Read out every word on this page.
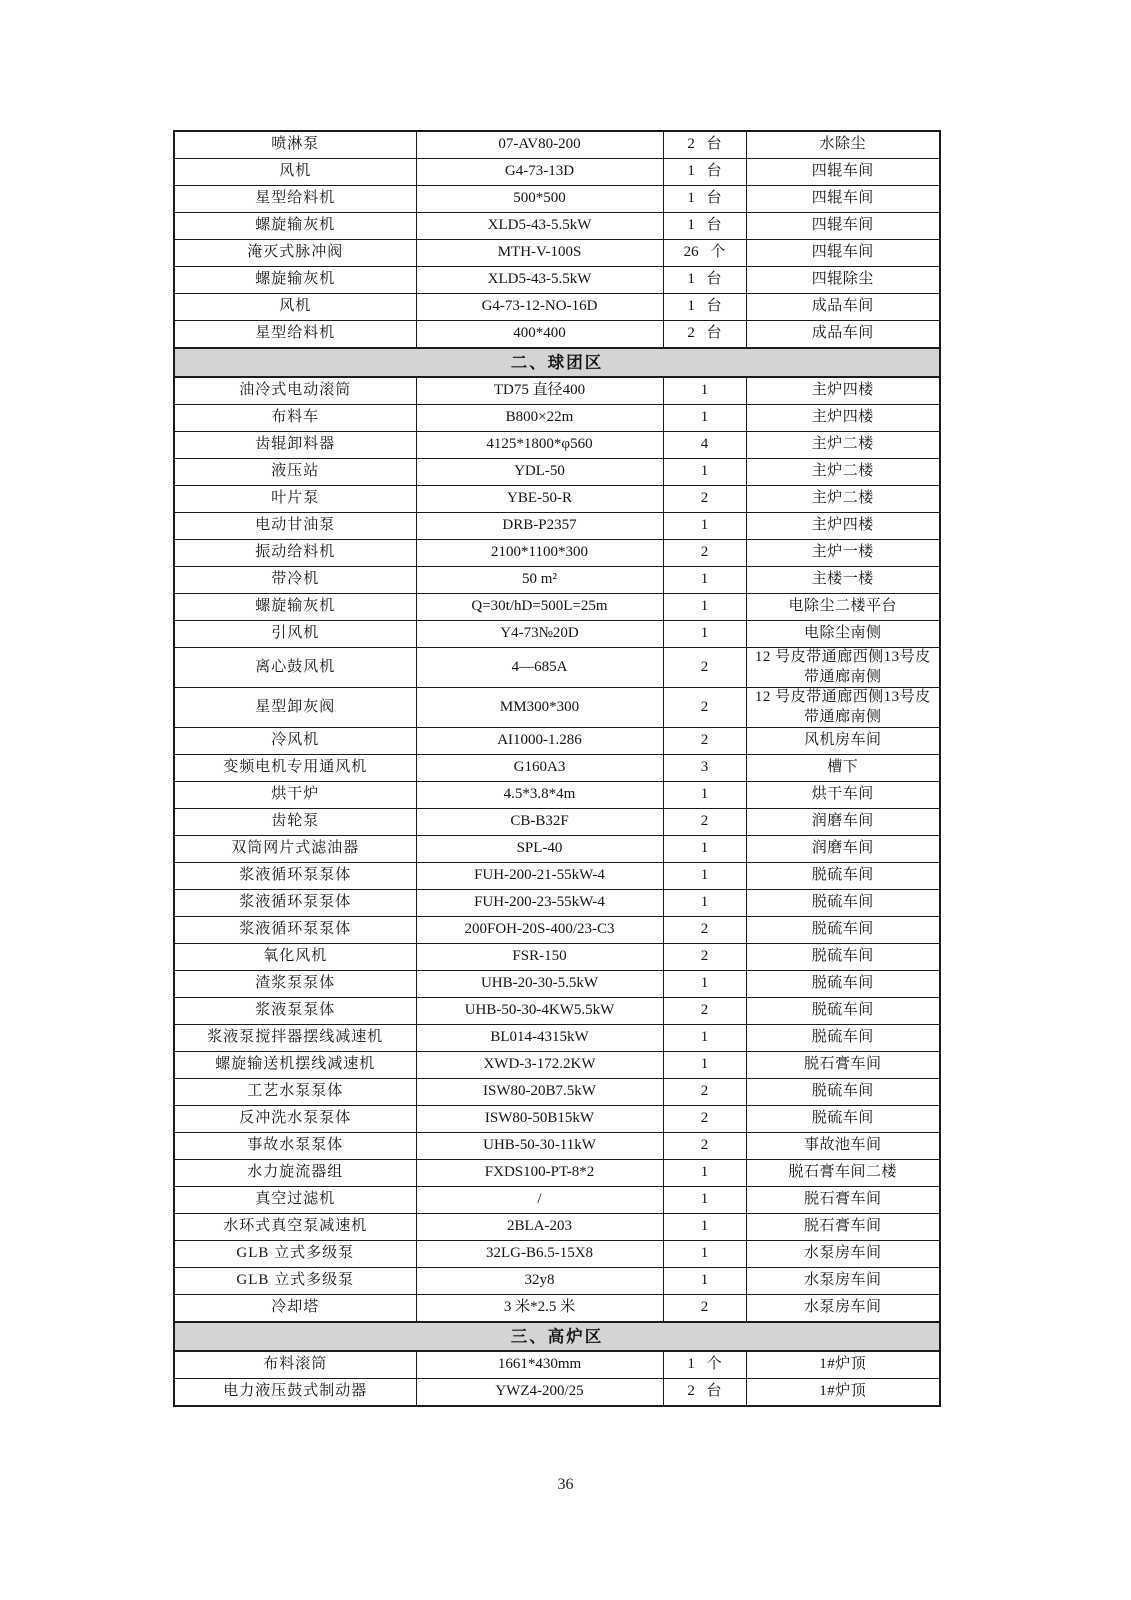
喷淋泵	07-AV80-200	2 台	水除尘
风机	G4-73-13D	1 台	四辊车间
星型给料机	500*500	1 台	四辊车间
螺旋输灰机	XLD5-43-5.5kW	1 台	四辊车间
淹灭式脉冲阀	MTH-V-100S	26 个	四辊车间
螺旋输灰机	XLD5-43-5.5kW	1 台	四辊除尘
风机	G4-73-12-NO-16D	1 台	成品车间
星型给料机	400*400	2 台	成品车间
二、球团区			
油冷式电动滚筒	TD75 直径400	1	主炉四楼
布料车	B800×22m	1	主炉四楼
齿辊卸料器	4125*1800*φ560	4	主炉二楼
液压站	YDL-50	1	主炉二楼
叶片泵	YBE-50-R	2	主炉二楼
电动甘油泵	DRB-P2357	1	主炉四楼
振动给料机	2100*1100*300	2	主炉一楼
带冷机	50 m²	1	主楼一楼
螺旋输灰机	Q=30t/hD=500L=25m	1	电除尘二楼平台
引风机	Y4-73№20D	1	电除尘南侧
离心鼓风机	4—685A	2	12 号皮带通廊西侧13号皮带通廊南侧
星型卸灰阀	MM300*300	2	12 号皮带通廊西侧13号皮带通廊南侧
冷风机	AI1000-1.286	2	风机房车间
变频电机专用通风机	G160A3	3	槽下
烘干炉	4.5*3.8*4m	1	烘干车间
齿轮泵	CB-B32F	2	润磨车间
双筒网片式滤油器	SPL-40	1	润磨车间
浆液循环泵泵体	FUH-200-21-55kW-4	1	脱硫车间
浆液循环泵泵体	FUH-200-23-55kW-4	1	脱硫车间
浆液循环泵泵体	200FOH-20S-400/23-C3	2	脱硫车间
氧化风机	FSR-150	2	脱硫车间
渣浆泵泵体	UHB-20-30-5.5kW	1	脱硫车间
浆液泵泵体	UHB-50-30-4KW5.5kW	2	脱硫车间
浆液泵搅拌器摆线减速机	BL014-4315kW	1	脱硫车间
螺旋输送机摆线减速机	XWD-3-172.2KW	1	脱石膏车间
工艺水泵泵体	ISW80-20B7.5kW	2	脱硫车间
反冲洗水泵泵体	ISW80-50B15kW	2	脱硫车间
事故水泵泵体	UHB-50-30-11kW	2	事故池车间
水力旋流器组	FXDS100-PT-8*2	1	脱石膏车间二楼
真空过滤机	/	1	脱石膏车间
水环式真空泵减速机	2BLA-203	1	脱石膏车间
GLB 立式多级泵	32LG-B6.5-15X8	1	水泵房车间
GLB 立式多级泵	32y8	1	水泵房车间
冷却塔	3 米*2.5 米	2	水泵房车间
三、高炉区			
布料滚筒	1661*430mm	1 个	1#炉顶
电力液压鼓式制动器	YWZ4-200/25	2 台	1#炉顶
36
